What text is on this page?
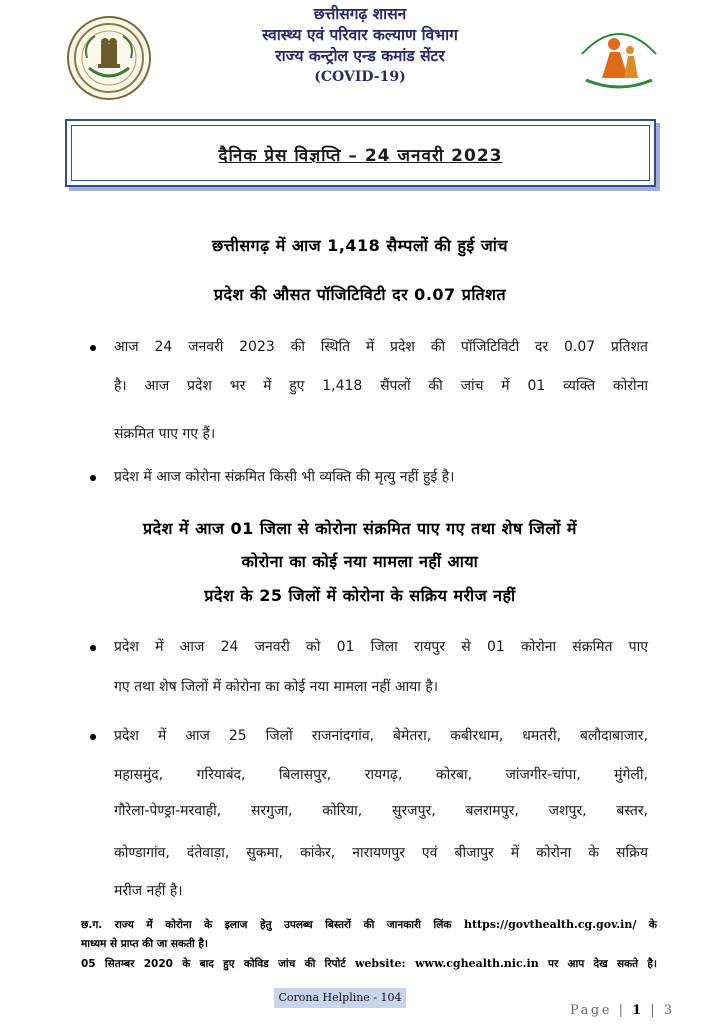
छत्तीसगढ़ शासन
स्वास्थ्य एवं परिवार कल्याण विभाग
राज्य कन्ट्रोल एन्ड कमांड सेंटर
(COVID-19)
दैनिक प्रेस विज्ञप्ति – 24 जनवरी 2023
छत्तीसगढ़ में आज 1,418 सैम्पलों की हुई जांच
प्रदेश की औसत पॉजिटिविटी दर 0.07 प्रतिशत
आज 24 जनवरी 2023 की स्थिति में प्रदेश की पॉजिटिविटी दर 0.07 प्रतिशत
है। आज प्रदेश भर में हुए 1,418 सैंपलों की जांच में 01 व्यक्ति कोरोना
संक्रमित पाए गए हैं।
प्रदेश में आज कोरोना संक्रमित किसी भी व्यक्ति की मृत्यु नहीं हुई है।
प्रदेश में आज 01 जिला से कोरोना संक्रमित पाए गए तथा शेष जिलों में
कोरोना का कोई नया मामला नहीं आया
प्रदेश के 25 जिलों में कोरोना के सक्रिय मरीज नहीं
प्रदेश में आज 24 जनवरी को 01 जिला रायपुर से 01 कोरोना संक्रमित पाए
गए तथा शेष जिलों में कोरोना का कोई नया मामला नहीं आया है।
प्रदेश में आज 25 जिलों राजनांदगांव, बेमेतरा, कबीरधाम, धमतरी, बलौदाबाजार,
महासमुंद, गरियाबंद, बिलासपुर, रायगढ़, कोरबा, जांजगीर-चांपा, मुंगेली,
गौरेला-पेण्ड्रा-मरवाही, सरगुजा, कोरिया, सुरजपुर, बलरामपुर, जशपुर, बस्तर,
कोण्डागांव, दंतेवाड़ा, सुकमा, कांकेर, नारायणपुर एवं बीजापुर में कोरोना के सक्रिय
मरीज नहीं है।
छ.ग. राज्य में कोरोना के इलाज हेतु उपलब्ध बिस्तरों की जानकारी लिंक https://govthealth.cg.gov.in/ के
माध्यम से प्राप्त की जा सकती है।
05 सितम्बर 2020 के बाद हुए कोविड जांच की रिपोर्ट website: www.cghealth.nic.in पर आप देख सकते है।
Corona Helpline - 104
Page | 1 | 3
